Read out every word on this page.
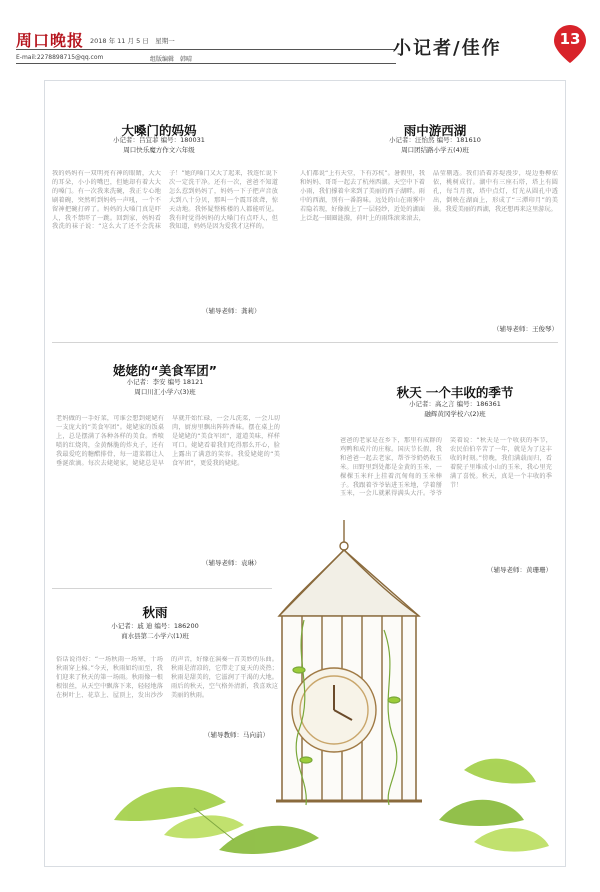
周口晚报 2018 年 11 月 5 日　星期一
E-mail:2278898715@qq.com	组版编辑　韩晴
小记者/佳作	13
大嗓门的妈妈
小记者：吕宜菲 编号：180031
周口快乐魔方作文六年级
我的妈妈有一双明亮有神的眼睛，大大的耳朵，小小的嘴巴，但她却有着大大的嗓门。有一次我来洗碗，我正专心地刷着碗，突然听到妈妈一声吼，一个不留神把碗打碎了。妈妈的大嗓门真是吓人，我不禁吓了一跳。回到家，妈妈看我洗的袜子说：“这么大了还不会洗袜子！”她的嗓门又大了起来，我连忙说下次一定洗干净。还有一次，爸爸不知道怎么惹到妈妈了，妈妈一下子把声音放大到八十分贝，那叫一个震耳欲聋，惊天动地。我怀疑整栋楼的人都能听见。我有时觉得妈妈的大嗓门有点吓人，但我知道，妈妈是因为爱我才这样的。
（辅导老师：龚莉）
雨中游西湖
小记者：汪怡然 编号：181610
周口团结路小学五(4)班
人们都说“上有天堂，下有苏杭”。暑假里，我和妈妈、哥哥一起去了杭州西湖。天空中下着小雨，我们撑着伞来到了美丽的西子湖畔。雨中的西湖，别有一番韵味。远处的山在雨雾中若隐若现，好像披上了一层轻纱，近处的湖面上泛起一圈圈涟漪，荷叶上的雨珠滚来滚去，晶莹剔透。我们沿着苏堤漫步，堤边垂柳依依，桃树成行。湖中有三座石塔，塔上有圆孔，每当月夜，塔中点灯，灯光从圆孔中透出，倒映在湖面上，形成了“三潭印月”的美景。我爱美丽的西湖，我还想再来这里游玩。
（辅导老师：王俊琴）
姥姥的“美食军团”
小记者：李安 编号 18121
周口川汇小学六(3)班
老妈做的一手好菜，可谁会想到姥姥有一支庞大的“美食军团”。姥姥家的饭桌上，总是摆满了各种各样的美食。香喷喷的红烧肉，金黄酥脆的炸丸子，还有我最爱吃的糖醋排骨，每一道菜都让人垂涎欲滴。每次去姥姥家，姥姥总是早早就开始忙碌，一会儿洗菜，一会儿切肉，厨房里飘出阵阵香味。摆在桌上的是姥姥的“美食军团”，道道美味，样样可口。姥姥看着我们吃得那么开心，脸上露出了满意的笑容。我爱姥姥的“美食军团”，更爱我的姥姥。
（辅导老师：袁琳）
秋天 一个丰收的季节
小记者：高之言 编号：186361
融辉黄冈学校六(2)班
爸爸的老家是在乡下，那里有成群的鸡鸭和成片的庄稼。国庆节长假，我和爸爸一起去老家，帮爷爷奶奶收玉米。田野里到处都是金黄的玉米，一棵棵玉米秆上挂着沉甸甸的玉米棒子。我跟着爷爷钻进玉米地，学着掰玉米，一会儿就累得满头大汗。爷爷笑着说：“秋天是一个收获的季节，农民伯伯辛苦了一年，就是为了这丰收的时刻。”傍晚，我们满载而归，看着院子里堆成小山的玉米，我心里充满了喜悦。秋天，真是一个丰收的季节！
（辅导老师：黄珊珊）
秋雨
小记者：戚 迪 编号：186200
商水县第二小学六(1)班
俗话说得好：“一场秋雨一场寒，十场秋雨穿上棉。”今天，秋雨如约而至，我们迎来了秋天的第一场雨。秋雨像一根根银丝，从天空中飘落下来，轻轻地落在树叶上、花草上、屋顶上，发出沙沙的声音，好像在演奏一首美妙的乐曲。秋雨是清凉的，它带走了夏天的炎热；秋雨是甜美的，它滋润了干渴的大地。雨后的秋天，空气格外清新，我喜欢这美丽的秋雨。
（辅导教师：马向前）
